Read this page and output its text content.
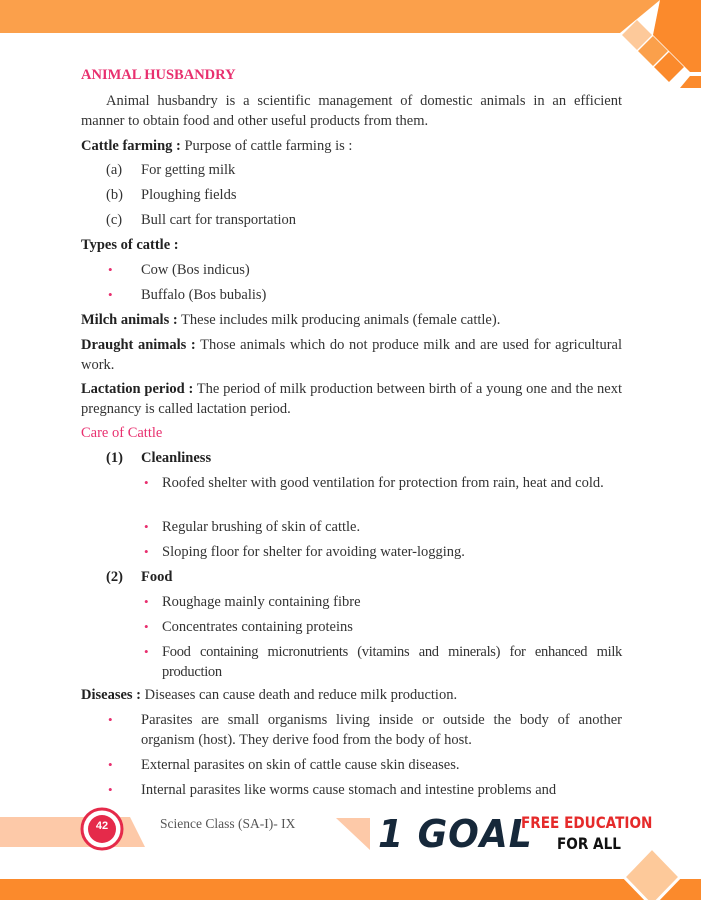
ANIMAL HUSBANDRY
Animal husbandry is a scientific management of domestic animals in an efficient manner to obtain food and other useful products from them.
Cattle farming : Purpose of cattle farming is :
(a) For getting milk
(b) Ploughing fields
(c) Bull cart for transportation
Types of cattle :
• Cow (Bos indicus)
• Buffalo (Bos bubalis)
Milch animals : These includes milk producing animals (female cattle).
Draught animals : Those animals which do not produce milk and are used for agricultural work.
Lactation period : The period of milk production between birth of a young one and the next pregnancy is called lactation period.
Care of Cattle
(1) Cleanliness
• Roofed shelter with good ventilation for protection from rain, heat and cold.
• Regular brushing of skin of cattle.
• Sloping floor for shelter for avoiding water-logging.
(2) Food
• Roughage mainly containing fibre
• Concentrates containing proteins
• Food containing micronutrients (vitamins and minerals) for enhanced milk production
Diseases : Diseases can cause death and reduce milk production.
• Parasites are small organisms living inside or outside the body of another organism (host). They derive food from the body of host.
• External parasites on skin of cattle cause skin diseases.
• Internal parasites like worms cause stomach and intestine problems and
42	Science Class (SA-I)- IX 1 GOAL
FREE EDUCATION
FOR ALL
